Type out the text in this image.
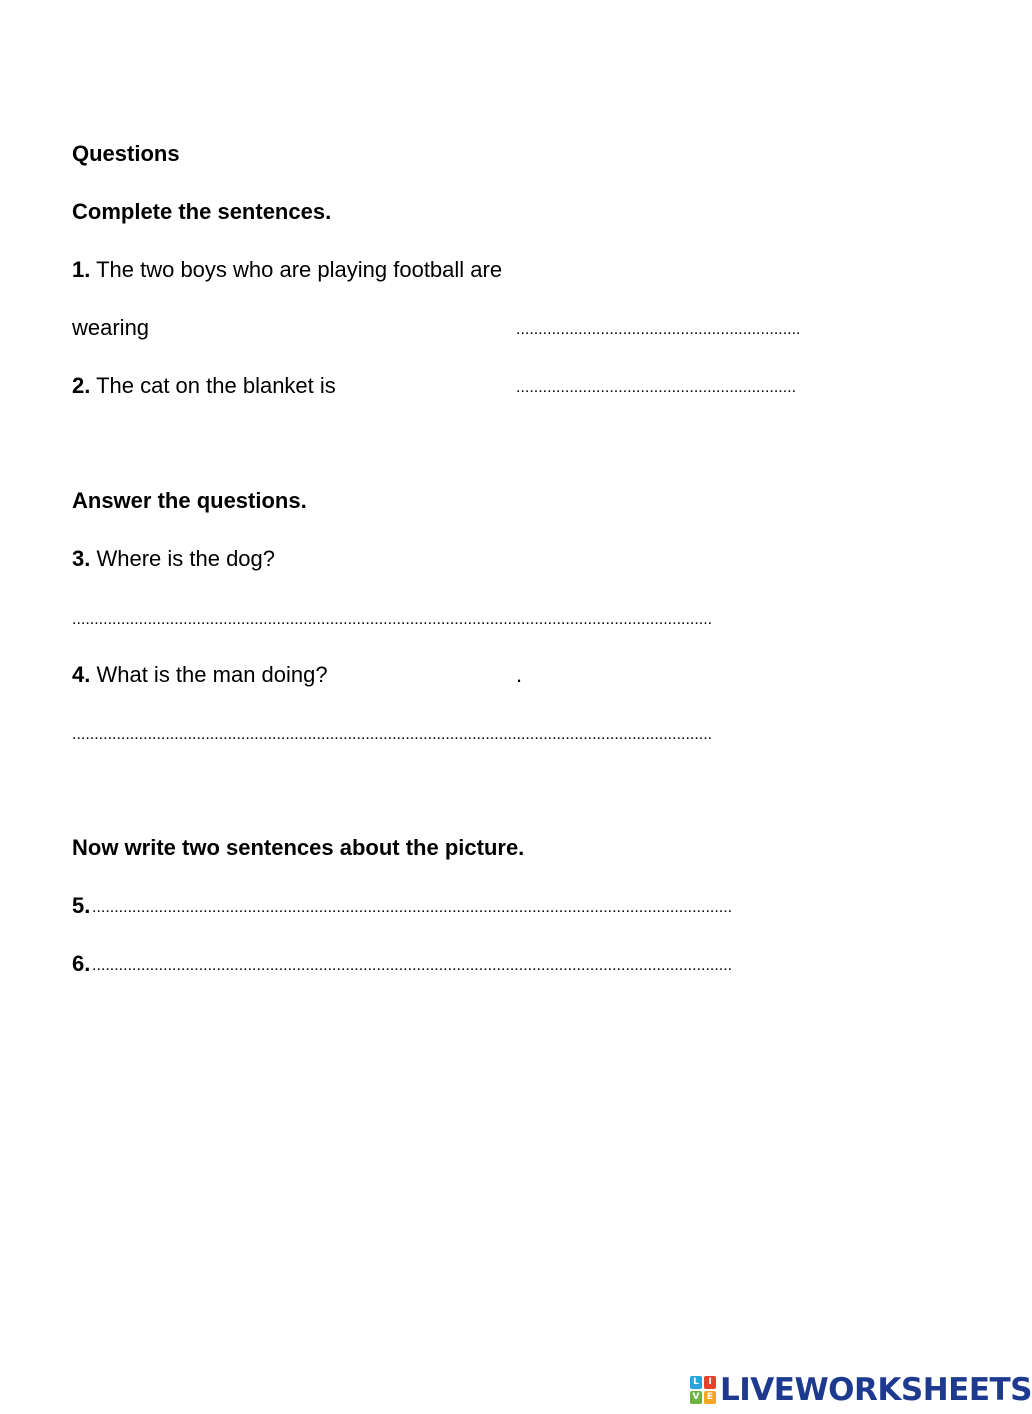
Questions
Complete the sentences.
1. The two boys who are playing football are
wearing	................................................................
2. The cat on the blanket is	...............................................................
Answer the questions.
3. Where is the dog?
................................................................................................................................................
4. What is the man doing?	.
................................................................................................................................................
Now write two sentences about the picture.
5. ................................................................................................................................................
6. ................................................................................................................................................
L	I
V E LIVEWORKSHEETS
